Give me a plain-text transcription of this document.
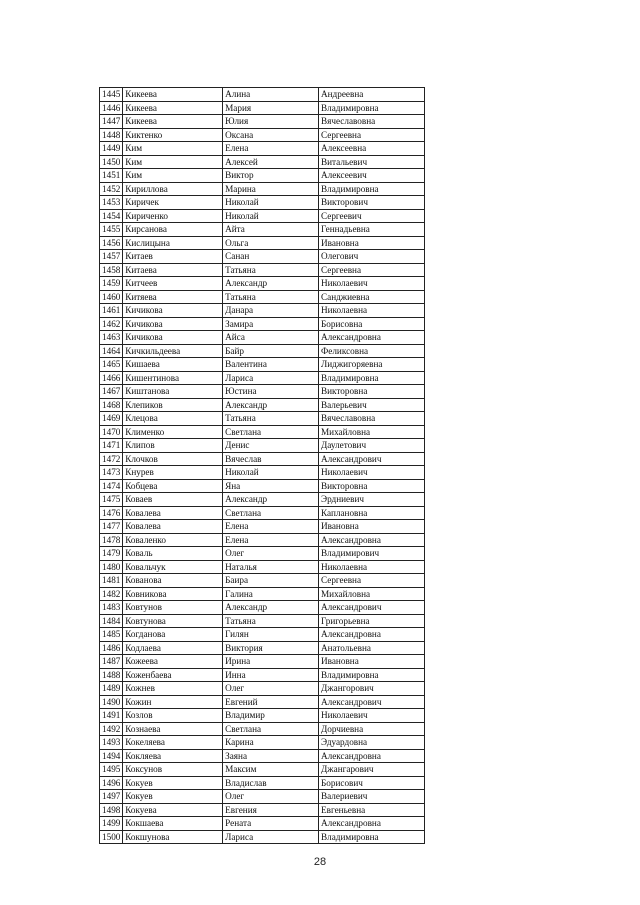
1445	Кикеева	Алина	Андреевна
1446	Кикеева	Мария	Владимировна
1447	Кикеева	Юлия	Вячеславовна
1448	Киктенко	Оксана	Сергеевна
1449	Ким	Елена	Алексеевна
1450	Ким	Алексей	Витальевич
1451	Ким	Виктор	Алексеевич
1452	Кириллова	Марина	Владимировна
1453	Киричек	Николай	Викторович
1454	Кириченко	Николай	Сергеевич
1455	Кирсанова	Айта	Геннадьевна
1456	Кислицына	Ольга	Ивановна
1457	Китаев	Санан	Олегович
1458	Китаева	Татьяна	Сергеевна
1459	Китчеев	Александр	Николаевич
1460	Китяева	Татьяна	Санджиевна
1461	Кичикова	Данара	Николаевна
1462	Кичикова	Замира	Борисовна
1463	Кичикова	Айса	Александровна
1464	Кичкильдеева	Байр	Феликсовна
1465	Кишаева	Валентина	Лиджигоряевна
1466	Кишентинова	Лариса	Владимировна
1467	Киштанова	Юстина	Викторовна
1468	Клепиков	Александр	Валерьевич
1469	Клецова	Татьяна	Вячеславовна
1470	Клименко	Светлана	Михайловна
1471	Клипов	Денис	Даулетович
1472	Клочков	Вячеслав	Александрович
1473	Кнурев	Николай	Николаевич
1474	Кобцева	Яна	Викторовна
1475	Коваев	Александр	Эрдниевич
1476	Ковалева	Светлана	Каплановна
1477	Ковалева	Елена	Ивановна
1478	Коваленко	Елена	Александровна
1479	Коваль	Олег	Владимирович
1480	Ковальчук	Наталья	Николаевна
1481	Кованова	Баира	Сергеевна
1482	Ковникова	Галина	Михайловна
1483	Ковтунов	Александр	Александрович
1484	Ковтунова	Татьяна	Григорьевна
1485	Когданова	Гилян	Александровна
1486	Кодлаева	Виктория	Анатольевна
1487	Кожеева	Ирина	Ивановна
1488	Коженбаева	Инна	Владимировна
1489	Кожнев	Олег	Джангорович
1490	Кожин	Евгений	Александрович
1491	Козлов	Владимир	Николаевич
1492	Кознаева	Светлана	Дорчиевна
1493	Кокеляева	Карина	Эдуардовна
1494	Кокляева	Заяна	Александровна
1495	Коксунов	Максим	Джангарович
1496	Кокуев	Владислав	Борисович
1497	Кокуев	Олег	Валериевич
1498	Кокуева	Евгения	Евгеньевна
1499	Кокшаева	Рената	Александровна
1500	Кокшунова	Лариса	Владимировна
28
